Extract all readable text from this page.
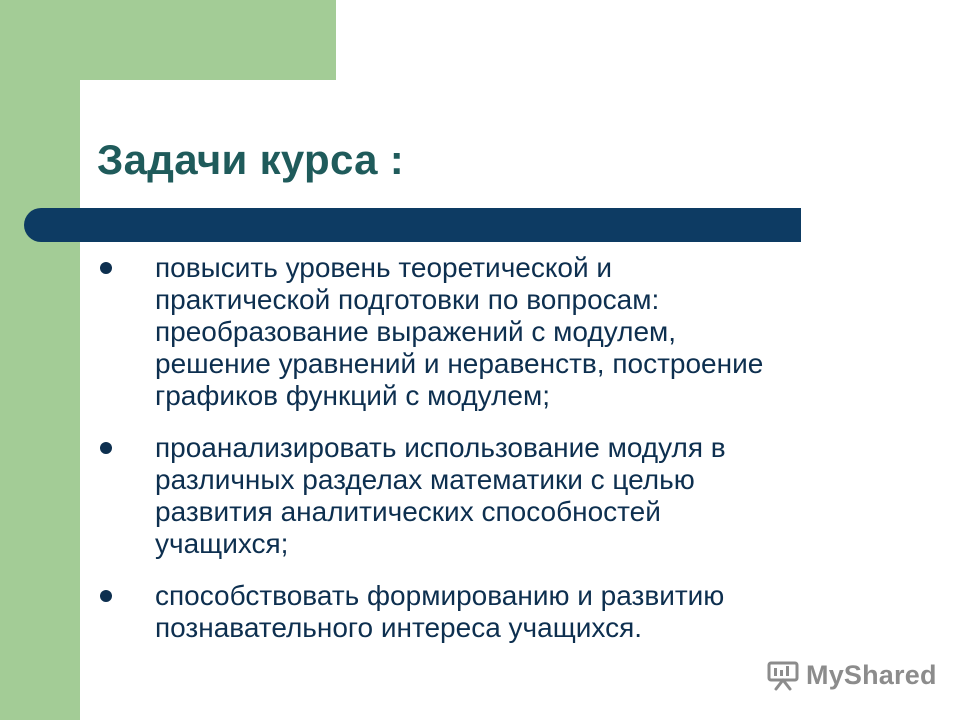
Задачи курса :
повысить уровень теоретической и
практической подготовки по вопросам:
преобразование выражений с модулем,
решение уравнений и неравенств, построение
графиков функций с модулем;
проанализировать использование модуля в
различных разделах математики с целью
развития аналитических способностей
учащихся;
способствовать формированию и развитию
познавательного интереса учащихся.
MyShared
